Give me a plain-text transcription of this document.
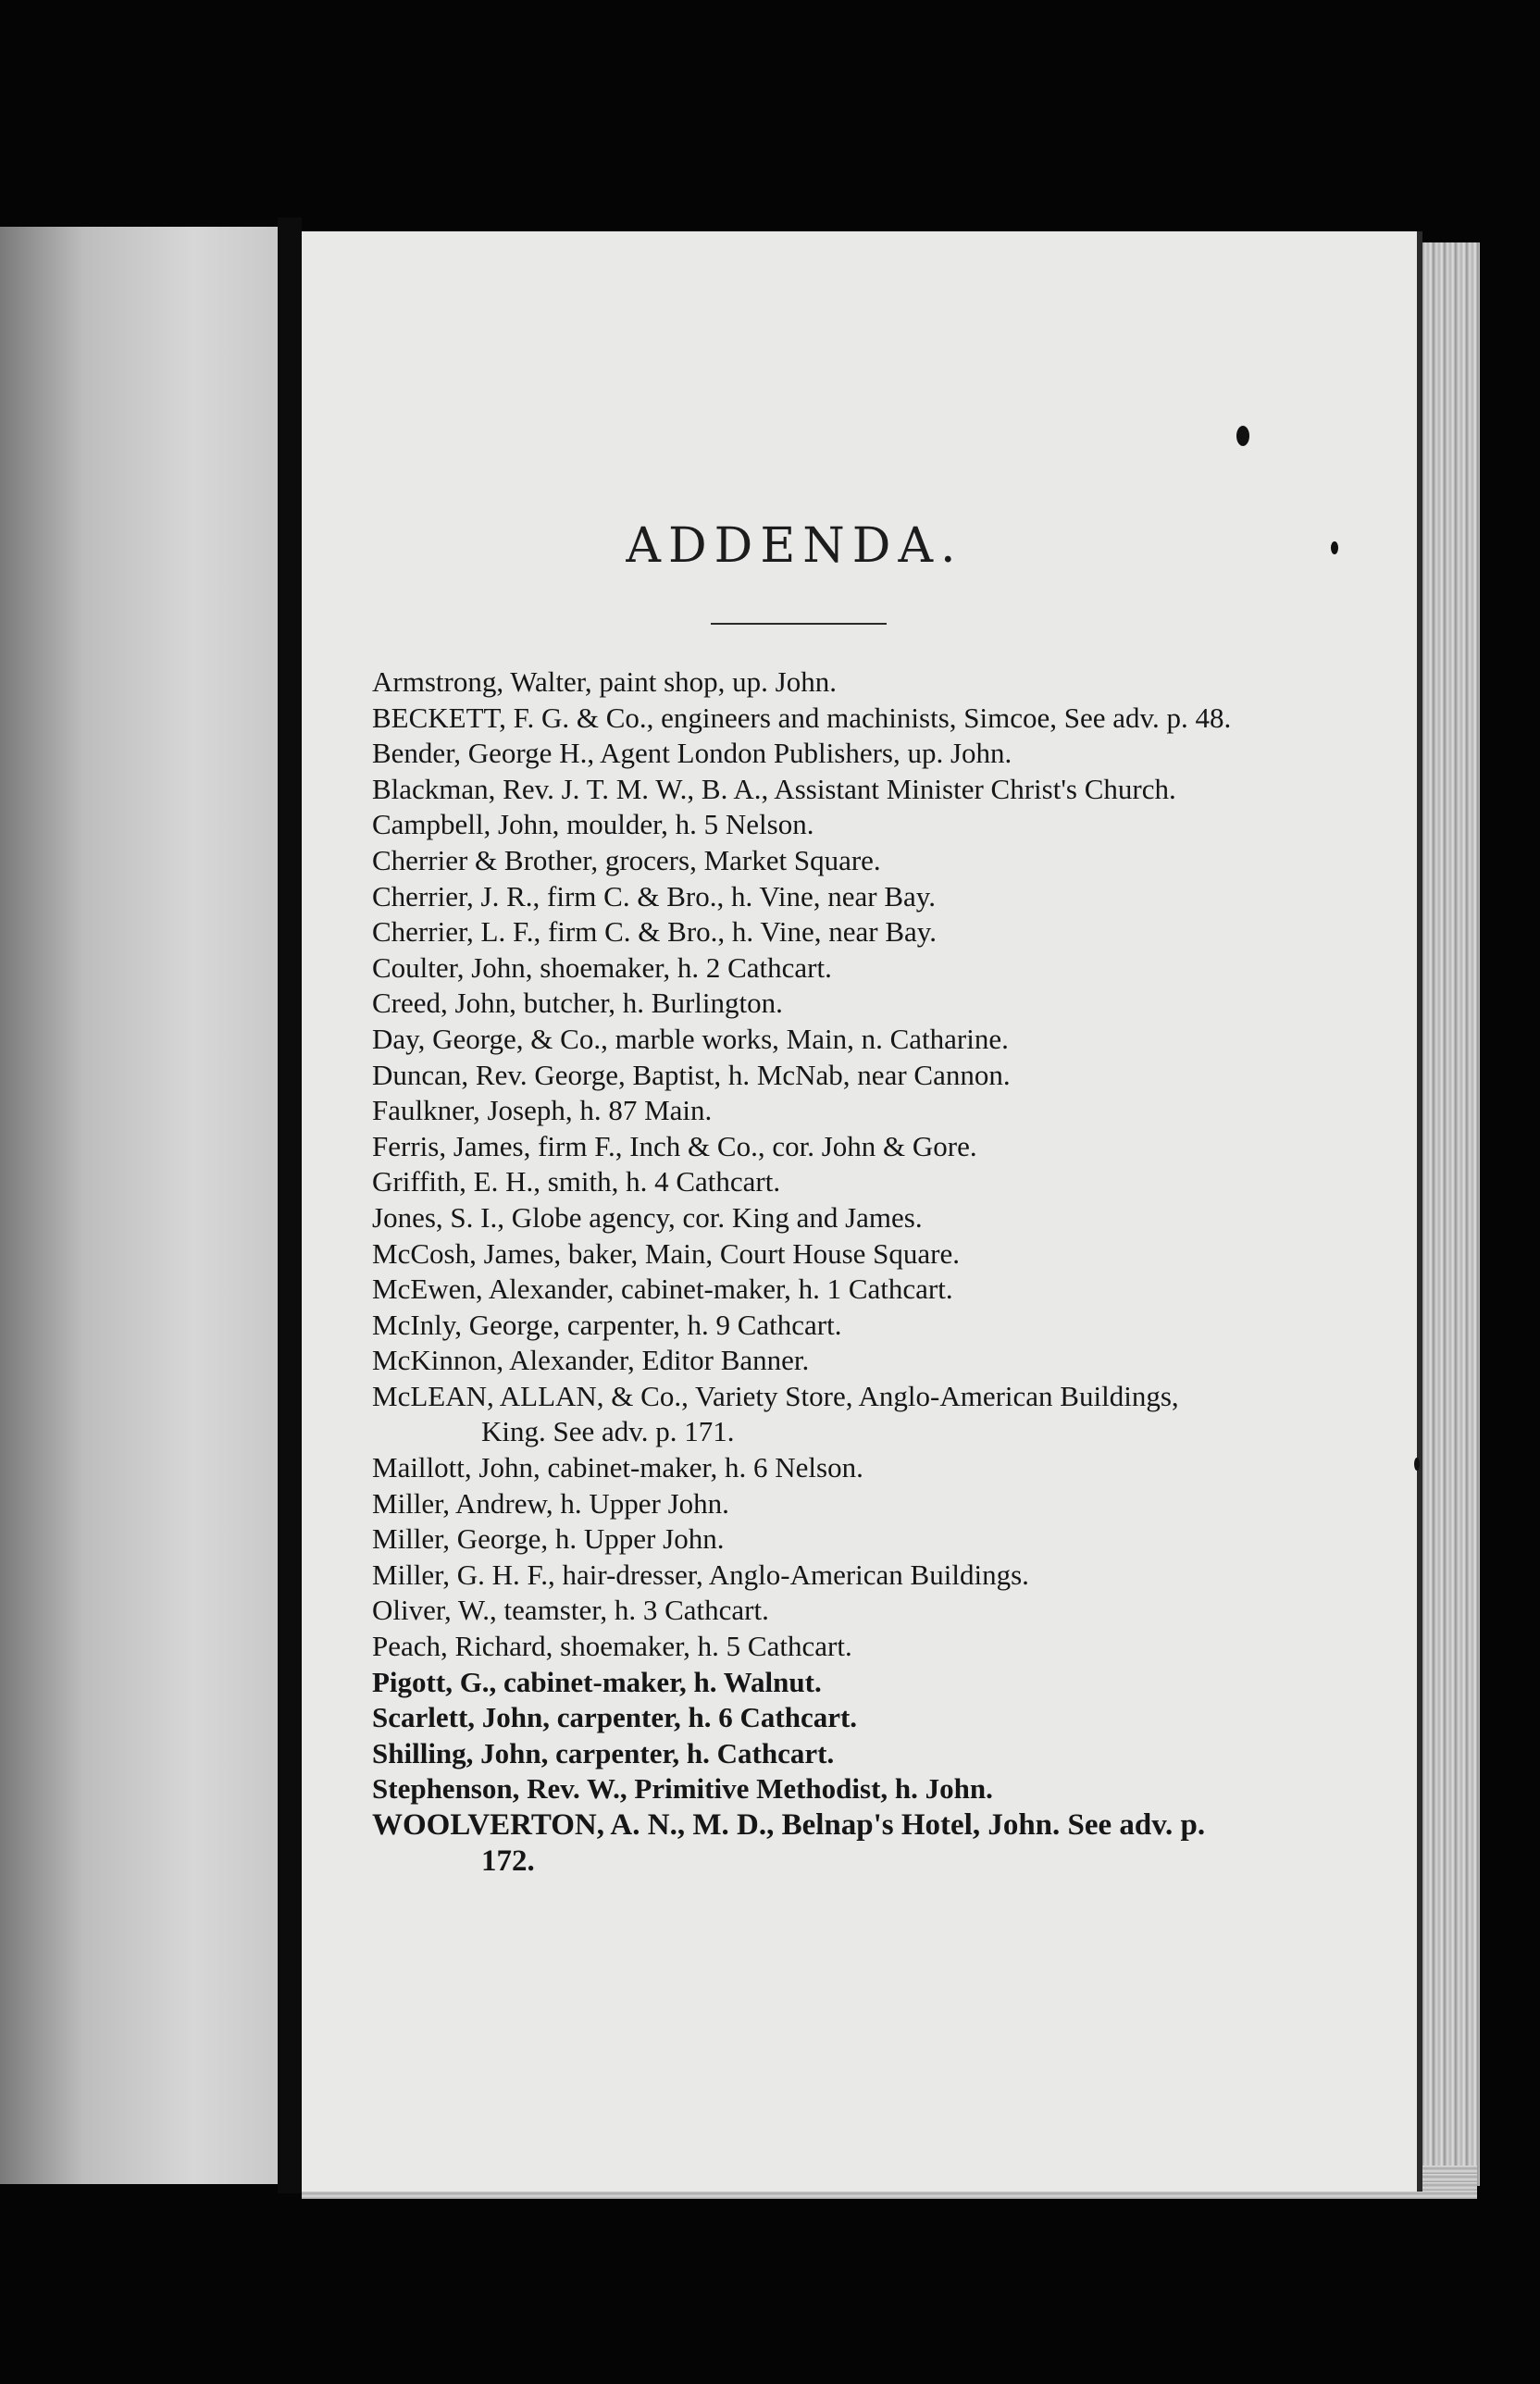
ADDENDA.
Armstrong, Walter, paint shop, up. John.
BECKETT, F. G. & Co., engineers and machinists, Simcoe, See adv. p. 48.
Bender, George H., Agent London Publishers, up. John.
Blackman, Rev. J. T. M. W., B. A., Assistant Minister Christ's Church.
Campbell, John, moulder, h. 5 Nelson.
Cherrier & Brother, grocers, Market Square.
Cherrier, J. R., firm C. & Bro., h. Vine, near Bay.
Cherrier, L. F., firm C. & Bro., h. Vine, near Bay.
Coulter, John, shoemaker, h. 2 Cathcart.
Creed, John, butcher, h. Burlington.
Day, George, & Co., marble works, Main, n. Catharine.
Duncan, Rev. George, Baptist, h. McNab, near Cannon.
Faulkner, Joseph, h. 87 Main.
Ferris, James, firm F., Inch & Co., cor. John & Gore.
Griffith, E. H., smith, h. 4 Cathcart.
Jones, S. I., Globe agency, cor. King and James.
McCosh, James, baker, Main, Court House Square.
McEwen, Alexander, cabinet-maker, h. 1 Cathcart.
McInly, George, carpenter, h. 9 Cathcart.
McKinnon, Alexander, Editor Banner.
McLEAN, ALLAN, & Co., Variety Store, Anglo-American Buildings, King. See adv. p. 171.
Maillott, John, cabinet-maker, h. 6 Nelson.
Miller, Andrew, h. Upper John.
Miller, George, h. Upper John.
Miller, G. H. F., hair-dresser, Anglo-American Buildings.
Oliver, W., teamster, h. 3 Cathcart.
Peach, Richard, shoemaker, h. 5 Cathcart.
Pigott, G., cabinet-maker, h. Walnut.
Scarlett, John, carpenter, h. 6 Cathcart.
Shilling, John, carpenter, h. Cathcart.
Stephenson, Rev. W., Primitive Methodist, h. John.
WOOLVERTON, A. N., M. D., Belnap's Hotel, John. See adv. p. 172.
